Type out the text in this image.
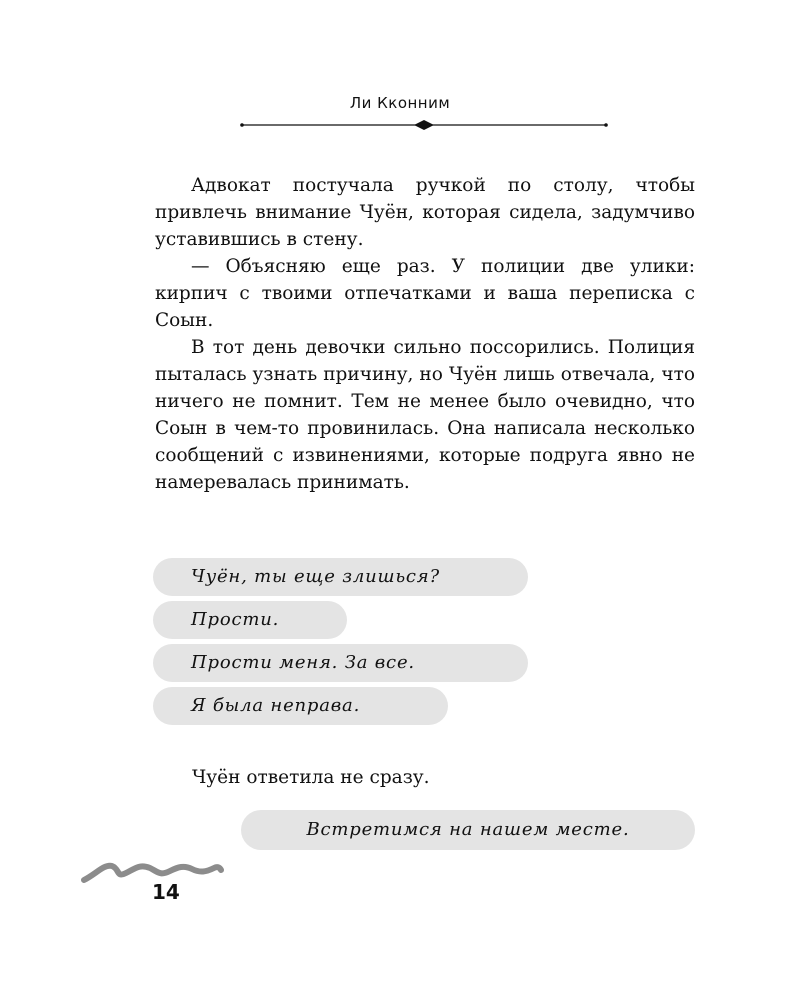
Ли Кконним

Адвокат постучала ручкой по столу, чтобы привлечь внимание Чуён, которая сидела, задумчиво уставившись в стену.

— Объясняю еще раз. У полиции две улики: кирпич с твоими отпечатками и ваша переписка с Соын.

В тот день девочки сильно поссорились. Полиция пыталась узнать причину, но Чуён лишь отвечала, что ничего не помнит. Тем не менее было очевидно, что Соын в чем-то провинилась. Она написала несколько сообщений с извинениями, которые подруга явно не намеревалась принимать.

Чуён, ты еще злишься?
Прости.
Прости меня. За все.
Я была неправа.
Чуён ответила не сразу.
Встретимся на нашем месте.
14
